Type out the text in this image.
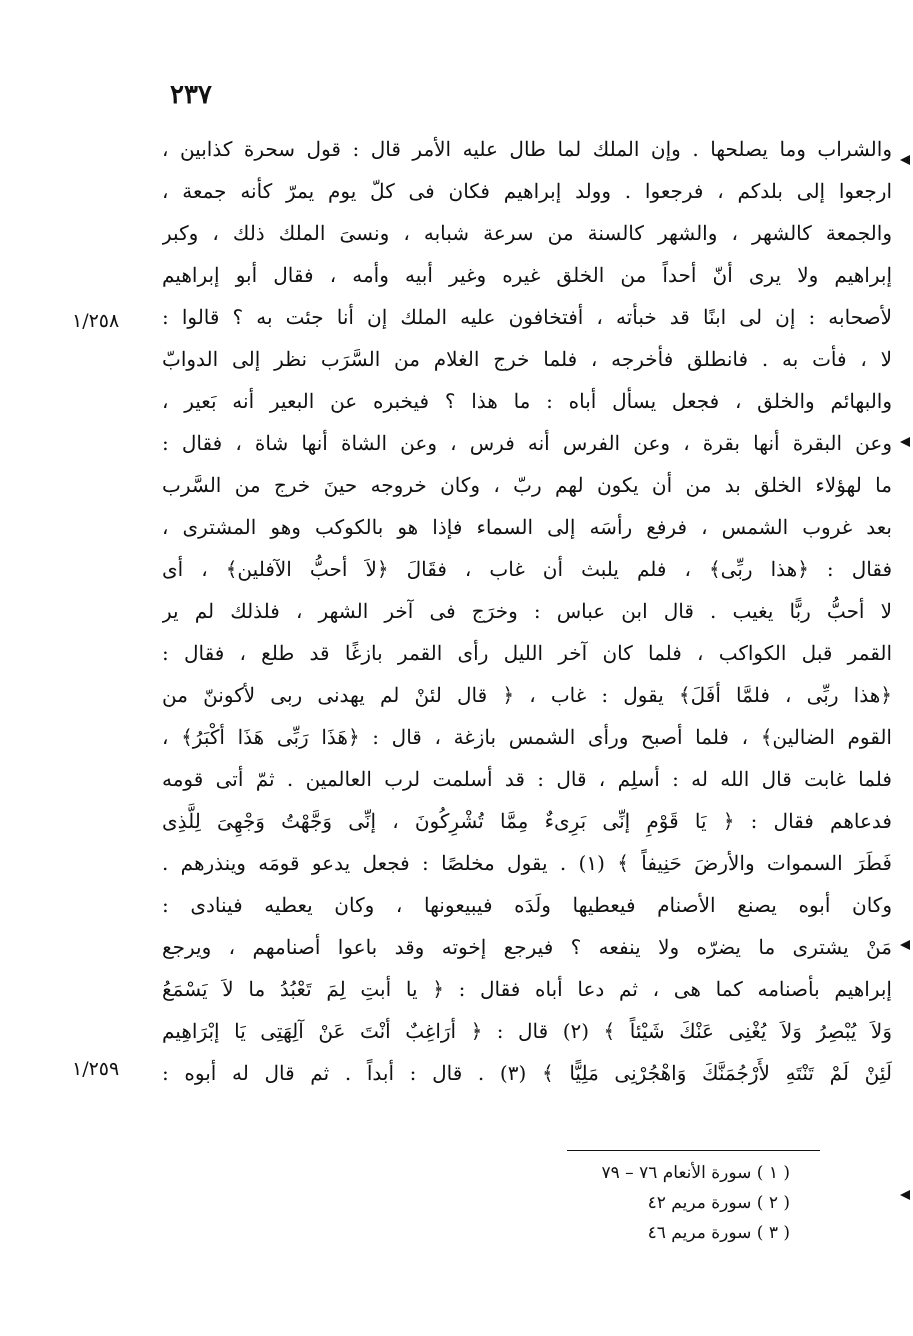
٢٣٧
والشراب وما يصلحها . وإن الملك لما طال عليه الأمر قال : قول سحرة كذابين ،
ارجعوا إلى بلدكم ، فرجعوا . وولد إبراهيم فكان فى كلّ يوم يمرّ كأنه جمعة ،
والجمعة كالشهر ، والشهر كالسنة من سرعة شبابه ، ونسىَ الملك ذلك ، وكبر
إبراهيم ولا يرى أنّ أحداً من الخلق غيره وغير أبيه وأمه ، فقال أبو إبراهيم
لأصحابه : إن لى ابنًا قد خبأته ، أفتخافون عليه الملك إن أنا جئت به ؟ قالوا :
لا ، فأت به . فانطلق فأخرجه ، فلما خرج الغلام من السَّرَب نظر إلى الدوابّ
والبهائم والخلق ، فجعل يسأل أباه : ما هذا ؟ فيخبره عن البعير أنه بَعير ،
وعن البقرة أنها بقرة ، وعن الفرس أنه فرس ، وعن الشاة أنها شاة ، فقال :
ما لهؤلاء الخلق بد من أن يكون لهم ربّ ، وكان خروجه حينَ خرج من السَّرب
بعد غروب الشمس ، فرفع رأسَه إلى السماء فإذا هو بالكوكب وهو المشترى ،
فقال : ﴿هذا ربِّى﴾ ، فلم يلبث أن غاب ، فقَالَ ﴿لاَ أحبُّ الآفلين﴾ ، أى
لا أحبُّ ربًّا يغيب . قال ابن عباس : وخرَج فى آخر الشهر ، فلذلك لم ير
القمر قبل الكواكب ، فلما كان آخر الليل رأى القمر بازغًا قد طلع ، فقال :
﴿هذا ربِّى ، فلمَّا أفَلَ﴾ يقول : غاب ، ﴿ قال لئنْ لم يهدنى ربى لأكوننّ من
القوم الضالين﴾ ، فلما أصبح ورأى الشمس بازغة ، قال : ﴿هَذَا رَبِّى هَذَا أكْبَرُ﴾ ،
فلما غابت قال الله له : أسلِم ، قال : قد أسلمت لرب العالمين . ثمّ أتى قومه
فدعاهم فقال : ﴿ يَا قَوْمِ إنِّى بَرِىءٌ مِمَّا تُشْرِكُونَ ، إنِّى وَجَّهْتُ وَجْهِىَ لِلَّذِى
فَطَرَ السموات والأرضَ حَنِيفاً ﴾ (١) . يقول مخلصًا : فجعل يدعو قومَه وينذرهم .
وكان أبوه يصنع الأصنام فيعطيها ولَدَه فيبيعونها ، وكان يعطيه فينادى :
مَنْ يشترى ما يضرّه ولا ينفعه ؟ فيرجع إخوته وقد باعوا أصنامهم ، ويرجع
إبراهيم بأصنامه كما هى ، ثم دعا أباه فقال : ﴿ يا أبتِ لِمَ تَعْبُدُ ما لاَ يَسْمَعُ
وَلاَ يُبْصِرُ وَلاَ يُغْنِى عَنْكَ شَيْئاً ﴾ (٢) قال : ﴿ أرَاغِبٌ أنْتَ عَنْ آلِهَتِى يَا إبْرَاهِيم
لَئِنْ لَمْ تَنْتَهِ لأَرْجُمَنَّكَ وَاهْجُرْنِى مَلِيًّا ﴾ (٣) . قال : أبداً . ثم قال له أبوه :
١/٢٥٨
١/٢٥٩
( ١ ) سورة الأنعام ٧٦ – ٧٩
( ٢ ) سورة مريم ٤٢
( ٣ ) سورة مريم ٤٦
